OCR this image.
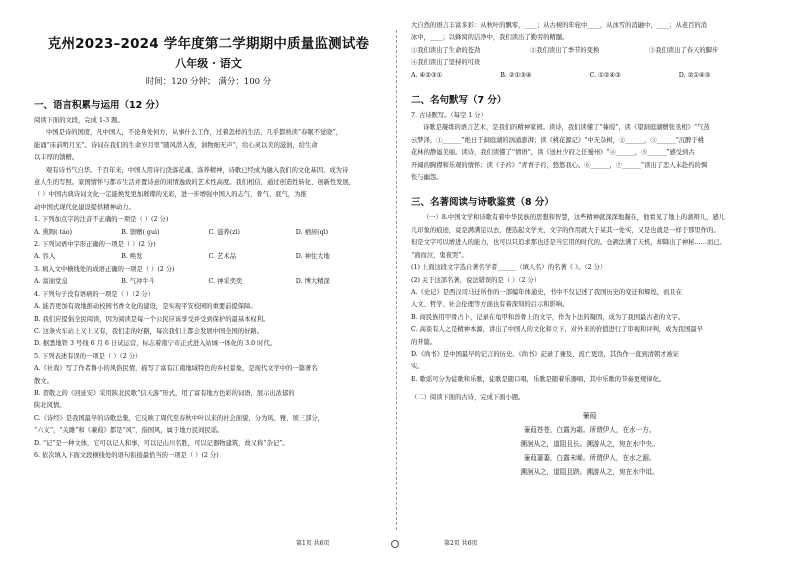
克州2023–2024 学年度第二学期期中质量监测试卷
八年级 · 语文
时间：120 分钟； 满分：100 分
一、语言积累与运用（12 分）
阅读下面的文段，完成 1-3 题。
中国是诗的国度，凡中国人，不论身处何方，从事什么工作，过着怎样的生活，几乎都熟读“春眠不觉晓”，
能诵“床前明月光”。诗词在我们的生命岁月里“随风潜入夜，润物细无声”，给心灵以美的滋润，给生命
以丰厚的馈赠。
观有诗书气自华。千百年来，中国人用诗行浇落花魂、涤养精神，诗歌已经成为融入我们的文化基因，成为诗
意人生的写照。家国情怀与都市生活并置诗意的闲情逸致的艺术性高度。我们相信，通过创造性转化、创新性发展，
（ ）中国古典诗词文化一定能焕发更加璀璨的光彩，进一步增强中国人的志气、骨气、底气，为推
动中国式现代化建设提供精神动力。
1. 下列加点字的注音不正确的一项是（ ）(2 分)
A. 熏陶( táo)	B. 馈赠( guì)	C. 滋养(zī)	D. 栖居(qī)
2. 下列词语中字形正确的一项是（ ）(2 分)
A. 容入	B. 唤发	C. 艺术品	D. 神往大地
3. 填入文中横线处的成语正确的一项是（ ）(2 分)
A. 富丽堂皇	B. 气冲牛斗	C. 神采奕奕	D. 博大精深
4. 下列句子没有语病的一项是（ ）（2 分）
A. 能否更加有效地推动校园书香文化的建设，是实现平安校园的重要前提保障。
B. 我们应提倡全民阅读，因为阅读是每一个公民应该享受并受到保护的最基本权利。
C. 这条火车站上又上又有，我们走的好路，每次我们上都会发展中国全国的好路。
D. 据悉地铁 3 号线 6 月 6 日试运营，标志着南宁市正式进入站城一体化的 3.0 时代。
5. 下列表述有误的一项是（ ）（2 分）
A.《社戏》写了作者鲁小的风俗民情，描写了富有江南地域特色的乡村景象，是现代文学中的一篇著名
散文。
B. 贺敬之的《回延安》采用陕北民歌“信天游”形式，用了富有地方色彩的词语，展示出浓郁的
陕北风情。
C.《诗经》是我国最早的诗歌总集，它反映了周代至春秋中叶以来的社会面貌，分为风、雅、颂三部分，
“六义”，“关雎”和《蒹葭》都是“风”，指国风，属于地方民间民谣。
D. “记”是一种文体，它可以记人和事，可以记山川名胜，可以记器物建筑，故又称“杂记”。
6. 依次填入下面文段横线处的语句衔接最恰当的一项是（ ）(2 分)
大自然的语言丰富多彩：从秋叶的飘零，____；从古树的年轮中____，从冰雪的消融中，____；从老百的消
冰中，____；以蜂窝的洁净中，我们读出了勤劳的精髓。
①我们读出了生命的苍劲	②我们读出了季节的变换	③我们读出了春天的脚步
④我们读出了坚持的可贵
A. ④②③①	B. ②①③④	C. ①②④③	D. ②①④③
二、名句默写（7 分）
7. 古诗默写。（每空 1 分）
诗歌是凝练的语言艺术，是我们的精神家园。读诗，我们读懂了“蒹葭”，读《望洞庭湖赠张丞相》“气蒸
云梦泽，①______”绝日于洞庭湖的汹涌澎湃；读《桃花源记》“中无杂树，②______，③______”沉醉于桃
花林的静谧美丽。读诗，我们读懂了“情语”，读《送杜少府之任蜀州》“④______，⑤______”感受到古
开阔的胸襟和乐观的情怀；读《子衿》“青青子衿，悠悠我心。⑥______，⑦______”读出了恋人未赴约的惆
怅与幽怨。
三、名著阅读与诗歌鉴赏（8 分）
（一）8.中国文学和诗歌有着中华民族的思想和智慧，这些精神就深深地凝在，他看见了地上的蒲辩儿，感儿
儿印象的痕迹，竟是满满足以去，便选起文学夫，文字的作用就大于某其一处实，又是也就是一样于那里作的。
但是文字可以增进人的能力，也可以只追求那也还是当它用的时代的。仓颉法满了天机，却降出了神秘……而已。
“面而泣，鬼夜哭”。
(1) 上面这段文字选自著名学者______（填人名）的名著《 》。（2 分）
(2) 关于这部名著，说法错误的是（ ）（2 分）
A.《史记》是西汉司马迁所作的一部编年体通史，书中不仅记述了我国历史的变迁和辉煌，而且在
人文、哲学、社会伦理等方面也有着深刻的启示和影响。
B. 商民族用甲骨占卜，记录在龟甲和兽骨上的文字，作为卜法的凝固，成为了我国最古老的文字。
C. 高谈有人之是精神本源，讲出了中国人的文化和立下，对外来的价值进行了审视和评判，成为我国最早
的开篇。
D.《尚书》是中国最早的记言的历史。《尚书》記录了兼及、流亡更迭，其伪作一直到清朝才被证
实。
E. 歌谣可分为徒歌和乐歌，徒歌是随口唱，乐歌是随着乐器唱，其中乐歌的节奏更规律化。
（二）阅读下面的古诗，完成下面小题。
蒹葭
蒹葭苍苍，白露为霜。所谓伊人，在水一方。
溯洄从之，道阻且长。溯游从之，宛在水中央。
蒹葭萋萋，白露未晞。所谓伊人，在水之湄。
溯洄从之，道阻且跻。溯游从之，宛在水中坻。
第1页 共6页	第2页 共6页
